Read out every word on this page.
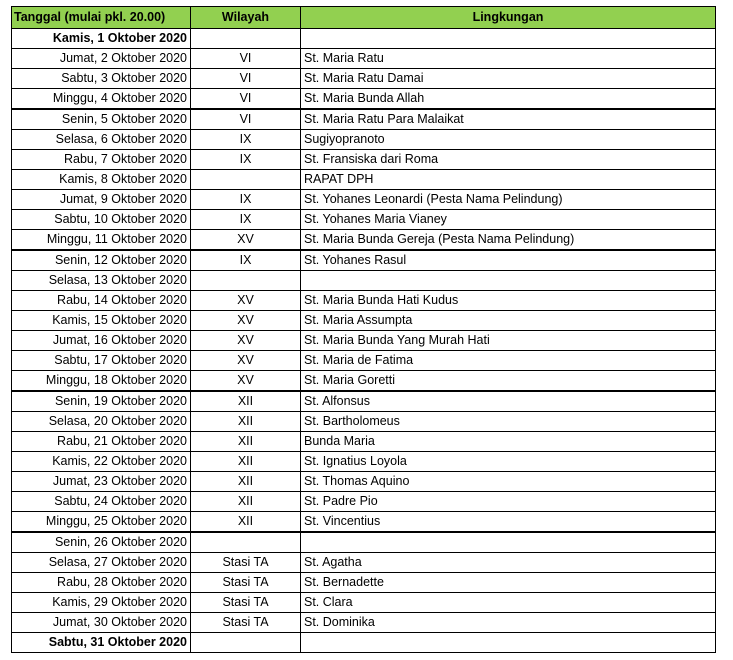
Tanggal (mulai pkl. 20.00)	Wilayah	Lingkungan
Kamis, 1 Oktober 2020		
Jumat, 2 Oktober 2020	VI	St. Maria Ratu
Sabtu, 3 Oktober 2020	VI	St. Maria Ratu Damai
Minggu, 4 Oktober 2020	VI	St. Maria Bunda Allah
Senin, 5 Oktober 2020	VI	St. Maria Ratu Para Malaikat
Selasa, 6 Oktober 2020	IX	Sugiyopranoto
Rabu, 7 Oktober 2020	IX	St. Fransiska dari Roma
Kamis, 8 Oktober 2020		RAPAT DPH
Jumat, 9 Oktober 2020	IX	St. Yohanes Leonardi (Pesta Nama Pelindung)
Sabtu, 10 Oktober 2020	IX	St. Yohanes Maria Vianey
Minggu, 11 Oktober 2020	XV	St. Maria Bunda Gereja (Pesta Nama Pelindung)
Senin, 12 Oktober 2020	IX	St. Yohanes Rasul
Selasa, 13 Oktober 2020		
Rabu, 14 Oktober 2020	XV	St. Maria Bunda Hati Kudus
Kamis, 15 Oktober 2020	XV	St. Maria Assumpta
Jumat, 16 Oktober 2020	XV	St. Maria Bunda Yang Murah Hati
Sabtu, 17 Oktober 2020	XV	St. Maria de Fatima
Minggu, 18 Oktober 2020	XV	St. Maria Goretti
Senin, 19 Oktober 2020	XII	St. Alfonsus
Selasa, 20 Oktober 2020	XII	St. Bartholomeus
Rabu, 21 Oktober 2020	XII	Bunda Maria
Kamis, 22 Oktober 2020	XII	St. Ignatius Loyola
Jumat, 23 Oktober 2020	XII	St. Thomas Aquino
Sabtu, 24 Oktober 2020	XII	St. Padre Pio
Minggu, 25 Oktober 2020	XII	St. Vincentius
Senin, 26 Oktober 2020		
Selasa, 27 Oktober 2020	Stasi TA	St. Agatha
Rabu, 28 Oktober 2020	Stasi TA	St. Bernadette
Kamis, 29 Oktober 2020	Stasi TA	St. Clara
Jumat, 30 Oktober 2020	Stasi TA	St. Dominika
Sabtu, 31 Oktober 2020		
